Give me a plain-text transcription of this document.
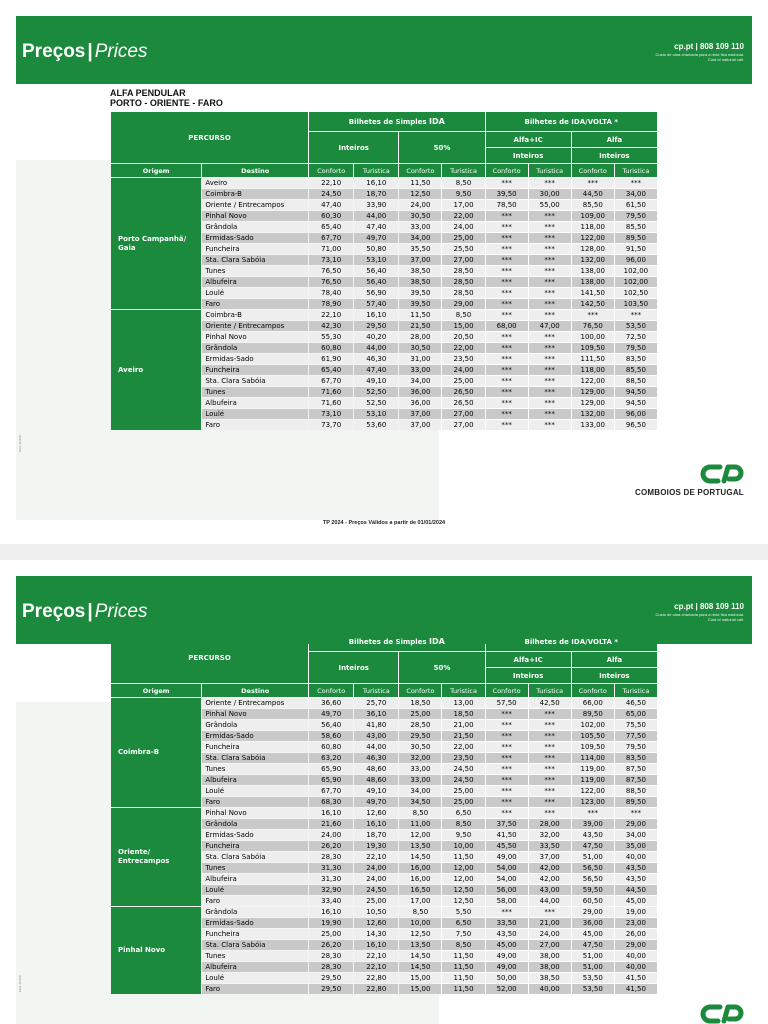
Preços | Prices	cp.pt | 808 109 110
Custo de uma chamada para a rede fixa nacional.
Cost of national call.
ALFA PENDULAR
PORTO - ORIENTE - FARO
PERCURSO		Bilhetes de Simples IDA				Bilhetes de IDA/VOLTA *			
		Inteiros		50%		Alfa+IC		Alfa	
						Inteiros		Inteiros	
Origem	Destino	Conforto	Turistica	Conforto	Turistica	Conforto	Turistica	Conforto	Turistica
Porto Campanhã/ Gaia	Aveiro	22,10	16,10	11,50	8,50	***	***	***	***
	Coimbra-B	24,50	18,70	12,50	9,50	39,50	30,00	44,50	34,00
	Oriente / Entrecampos	47,40	33,90	24,00	17,00	78,50	55,00	85,50	61,50
	Pinhal Novo	60,30	44,00	30,50	22,00	***	***	109,00	79,50
	Grândola	65,40	47,40	33,00	24,00	***	***	118,00	85,50
	Ermidas-Sado	67,70	49,70	34,00	25,00	***	***	122,00	89,50
	Funcheira	71,00	50,80	35,50	25,50	***	***	128,00	91,50
	Sta. Clara Sabóia	73,10	53,10	37,00	27,00	***	***	132,00	96,00
	Tunes	76,50	56,40	38,50	28,50	***	***	138,00	102,00
	Albufeira	76,50	56,40	38,50	28,50	***	***	138,00	102,00
	Loulé	78,40	56,90	39,50	28,50	***	***	141,50	102,50
	Faro	78,90	57,40	39,50	29,00	***	***	142,50	103,50
Aveiro	Coimbra-B	22,10	16,10	11,50	8,50	***	***	***	***
	Oriente / Entrecampos	42,30	29,50	21,50	15,00	68,00	47,00	76,50	53,50
	Pinhal Novo	55,30	40,20	28,00	20,50	***	***	100,00	72,50
	Grândola	60,80	44,00	30,50	22,00	***	***	109,50	79,50
	Ermidas-Sado	61,90	46,30	31,00	23,50	***	***	111,50	83,50
	Funcheira	65,40	47,40	33,00	24,00	***	***	118,00	85,50
	Sta. Clara Sabóia	67,70	49,10	34,00	25,00	***	***	122,00	88,50
	Tunes	71,60	52,50	36,00	26,50	***	***	129,00	94,50
	Albufeira	71,60	52,50	36,00	26,50	***	***	129,00	94,50
	Loulé	73,10	53,10	37,00	27,00	***	***	132,00	96,00
	Faro	73,70	53,60	37,00	27,00	***	***	133,00	96,50
COMBOIOS DE PORTUGAL
TP 2024 - Preços Válidos a partir de 01/01/2024
Mod. 20.928
Preços | Prices	cp.pt | 808 109 110
Custo de uma chamada para a rede fixa nacional.
Cost of national call.
PERCURSO		Bilhetes de Simples IDA				Bilhetes de IDA/VOLTA *			
		Inteiros		50%		Alfa+IC		Alfa	
						Inteiros		Inteiros	
Origem	Destino	Conforto	Turistica	Conforto	Turistica	Conforto	Turistica	Conforto	Turistica
Coimbra-B	Oriente / Entrecampos	36,60	25,70	18,50	13,00	57,50	42,50	66,00	46,50
	Pinhal Novo	49,70	36,10	25,00	18,50	***	***	89,50	65,00
	Grândola	56,40	41,80	28,50	21,00	***	***	102,00	75,50
	Ermidas-Sado	58,60	43,00	29,50	21,50	***	***	105,50	77,50
	Funcheira	60,80	44,00	30,50	22,00	***	***	109,50	79,50
	Sta. Clara Sabóia	63,20	46,30	32,00	23,50	***	***	114,00	83,50
	Tunes	65,90	48,60	33,00	24,50	***	***	119,00	87,50
	Albufeira	65,90	48,60	33,00	24,50	***	***	119,00	87,50
	Loulé	67,70	49,10	34,00	25,00	***	***	122,00	88,50
	Faro	68,30	49,70	34,50	25,00	***	***	123,00	89,50
Oriente/ Entrecampos	Pinhal Novo	16,10	12,60	8,50	6,50	***	***	***	***
	Grândola	21,60	16,10	11,00	8,50	37,50	28,00	39,00	29,00
	Ermidas-Sado	24,00	18,70	12,00	9,50	41,50	32,00	43,50	34,00
	Funcheira	26,20	19,30	13,50	10,00	45,50	33,50	47,50	35,00
	Sta. Clara Sabóia	28,30	22,10	14,50	11,50	49,00	37,00	51,00	40,00
	Tunes	31,30	24,00	16,00	12,00	54,00	42,00	56,50	43,50
	Albufeira	31,30	24,00	16,00	12,00	54,00	42,00	56,50	43,50
	Loulé	32,90	24,50	16,50	12,50	56,00	43,00	59,50	44,50
	Faro	33,40	25,00	17,00	12,50	58,00	44,00	60,50	45,00
Pinhal Novo	Grândola	16,10	10,50	8,50	5,50	***	***	29,00	19,00
	Ermidas-Sado	19,90	12,60	10,00	6,50	33,50	21,00	36,00	23,00
	Funcheira	25,00	14,30	12,50	7,50	43,50	24,00	45,00	26,00
	Sta. Clara Sabóia	26,20	16,10	13,50	8,50	45,00	27,00	47,50	29,00
	Tunes	28,30	22,10	14,50	11,50	49,00	38,00	51,00	40,00
	Albufeira	28,30	22,10	14,50	11,50	49,00	38,00	51,00	40,00
	Loulé	29,50	22,80	15,00	11,50	50,00	38,50	53,50	41,50
	Faro	29,50	22,80	15,00	11,50	52,00	40,00	53,50	41,50
Mod. 20.928
